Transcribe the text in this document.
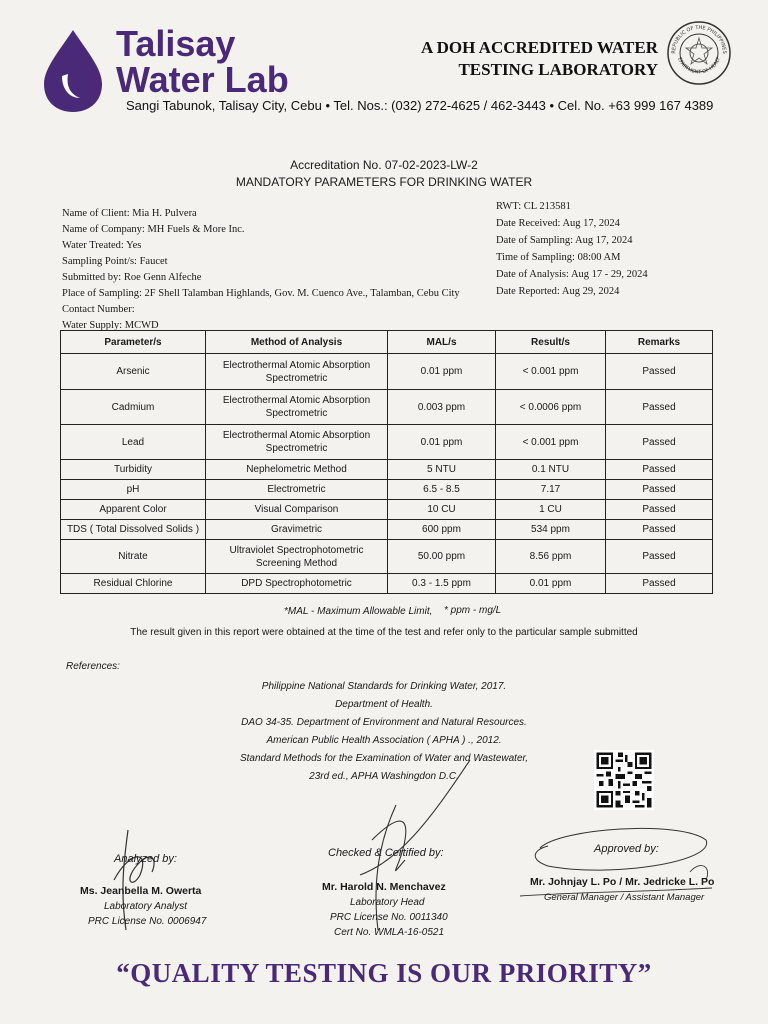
Talisay
Water Lab
A DOH ACCREDITED WATER
TESTING LABORATORY
REPUBLIC OF THE PHILIPPINES
EPARTMENT OF HEALT
Sangi Tabunok, Talisay City, Cebu • Tel. Nos.: (032) 272-4625 / 462-3443 • Cel. No. +63 999 167 4389
Accreditation No. 07-02-2023-LW-2
MANDATORY PARAMETERS FOR DRINKING WATER
Name of Client: Mia H. Pulvera
Name of Company: MH Fuels & More Inc.
Water Treated: Yes
Sampling Point/s: Faucet
Submitted by: Roe Genn Alfeche
Place of Sampling: 2F Shell Talamban Highlands, Gov. M. Cuenco Ave., Talamban, Cebu City
Contact Number:
Water Supply: MCWD
RWT: CL 213581
Date Received: Aug 17, 2024
Date of Sampling: Aug 17, 2024
Time of Sampling: 08:00 AM
Date of Analysis: Aug 17 - 29, 2024
Date Reported: Aug 29, 2024
Parameter/s	Method of Analysis	MAL/s	Result/s	Remarks
Arsenic	Electrothermal Atomic Absorption Spectrometric	0.01 ppm	< 0.001 ppm	Passed
Cadmium	Electrothermal Atomic Absorption Spectrometric	0.003 ppm	< 0.0006 ppm	Passed
Lead	Electrothermal Atomic Absorption Spectrometric	0.01 ppm	< 0.001 ppm	Passed
Turbidity	Nephelometric Method	5 NTU	0.1 NTU	Passed
pH	Electrometric	6.5 - 8.5	7.17	Passed
Apparent Color	Visual Comparison	10 CU	1 CU	Passed
TDS ( Total Dissolved Solids )	Gravimetric	600 ppm	534 ppm	Passed
Nitrate	Ultraviolet Spectrophotometric Screening Method	50.00 ppm	8.56 ppm	Passed
Residual Chlorine	DPD Spectrophotometric	0.3 - 1.5 ppm	0.01 ppm	Passed
*MAL - Maximum Allowable Limit, * ppm - mg/L
The result given in this report were obtained at the time of the test and refer only to the particular sample submitted
References:
Philippine National Standards for Drinking Water, 2017.
Department of Health.
DAO 34-35. Department of Environment and Natural Resources.
American Public Health Association ( APHA ) ., 2012.
Standard Methods for the Examination of Water and Wastewater,
23rd ed., APHA Washingdon D.C.
Analyzed by:
Ms. Jeanbella M. Owerta
Laboratory Analyst
PRC License No. 0006947
Checked & Certified by:
Mr. Harold N. Menchavez
Laboratory Head
PRC License No. 0011340
Cert No. WMLA-16-0521
Approved by:
Mr. Johnjay L. Po / Mr. Jedricke L. Po
General Manager / Assistant Manager
“QUALITY TESTING IS OUR PRIORITY”
